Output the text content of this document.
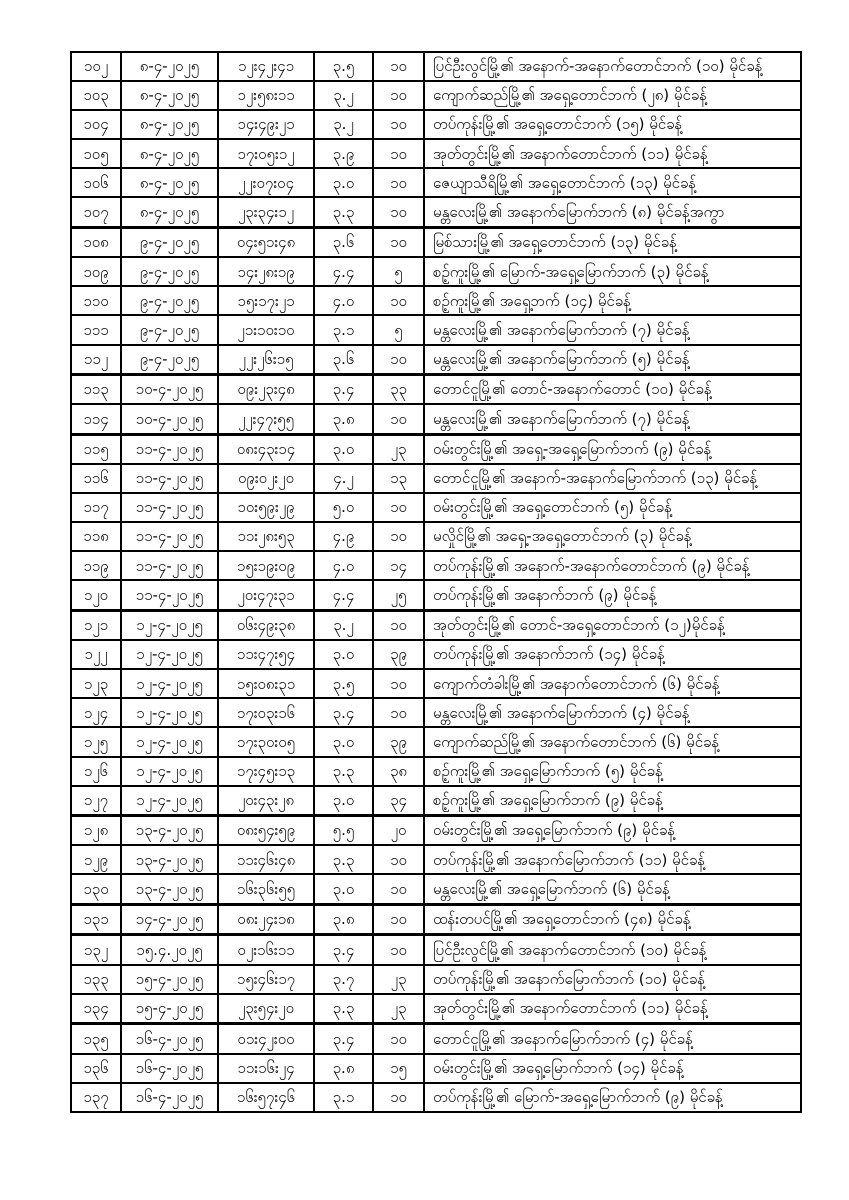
၁၀၂	၈-၄-၂၀၂၅	၁၂း၄၂း၄၁	၃.၅	၁၀	ပြင်ဦးလွင်မြို့၏ အနောက်-အနောက်တောင်ဘက် (၁၀) မိုင်ခန့်
၁၀၃	၈-၄-၂၀၂၅	၁၂း၅၈း၁၁	၃.၂	၁၀	ကျောက်ဆည်မြို့၏ အရှေ့တောင်ဘက် (၂၈) မိုင်ခန့်
၁၀၄	၈-၄-၂၀၂၅	၁၄း၄၉း၂၁	၃.၂	၁၀	တပ်ကုန်းမြို့၏ အရှေ့တောင်ဘက် (၁၅) မိုင်ခန့်
၁၀၅	၈-၄-၂၀၂၅	၁၇း၀၅း၁၂	၃.၉	၁၀	အုတ်တွင်းမြို့၏ အနောက်တောင်ဘက် (၁၁) မိုင်ခန့်
၁၀၆	၈-၄-၂၀၂၅	၂၂း၀၇း၀၄	၃.၀	၁၀	ဇေယျာသီရိမြို့၏ အရှေ့တောင်ဘက် (၁၃) မိုင်ခန့်
၁၀၇	၈-၄-၂၀၂၅	၂၃း၃၄း၁၂	၃.၃	၁၀	မန္တလေးမြို့၏ အနောက်မြောက်ဘက် (၈) မိုင်ခန့်အကွာ
၁၀၈	၉-၄-၂၀၂၅	၀၄း၅၁း၄၈	၃.၆	၁၀	မြစ်သားမြို့၏ အရှေ့တောင်ဘက် (၁၃) မိုင်ခန့်
၁၀၉	၉-၄-၂၀၂၅	၁၄း၂၈း၁၉	၄.၄	၅	စဥ့်ကူးမြို့၏ မြောက်-အရှေ့မြောက်ဘက် (၃) မိုင်ခန့်
၁၁၀	၉-၄-၂၀၂၅	၁၅း၁၇း၂၁	၄.၀	၁၀	စဥ့်ကူးမြို့၏ အရှေ့ဘက် (၁၄) မိုင်ခန့်
၁၁၁	၉-၄-၂၀၂၅	၂၁း၁၀း၁၀	၃.၁	၅	မန္တလေးမြို့၏ အနောက်မြောက်ဘက် (၇) မိုင်ခန့်
၁၁၂	၉-၄-၂၀၂၅	၂၂း၂၆း၁၅	၃.၆	၁၀	မန္တလေးမြို့၏ အနောက်မြောက်ဘက် (၅) မိုင်ခန့်
၁၁၃	၁၀-၄-၂၀၂၅	၀၉း၂၃း၄၈	၃.၄	၃၃	တောင်ငူမြို့၏ တောင်-အနောက်တောင် (၁၀) မိုင်ခန့်
၁၁၄	၁၀-၄-၂၀၂၅	၂၂း၄၇း၅၅	၃.၈	၁၀	မန္တလေးမြို့၏ အနောက်မြောက်ဘက် (၇) မိုင်ခန့်
၁၁၅	၁၁-၄-၂၀၂၅	၀၈း၄၃း၁၄	၃.၀	၂၃	ဝမ်းတွင်းမြို့၏ အရှေ့-အရှေ့မြောက်ဘက် (၉) မိုင်ခန့်
၁၁၆	၁၁-၄-၂၀၂၅	၀၉း၀၂း၂၀	၄.၂	၁၃	တောင်ငူမြို့၏ အနောက်-အနောက်မြောက်ဘက် (၁၃) မိုင်ခန့်
၁၁၇	၁၁-၄-၂၀၂၅	၁၀း၅၉း၂၉	၅.၀	၁၀	ဝမ်းတွင်းမြို့၏ အရှေ့တောင်ဘက် (၅) မိုင်ခန့်
၁၁၈	၁၁-၄-၂၀၂၅	၁၁း၂၈း၅၃	၄.၉	၁၀	မလှိုင်မြို့၏ အရှေ့-အရှေ့တောင်ဘက် (၃) မိုင်ခန့်
၁၁၉	၁၁-၄-၂၀၂၅	၁၅း၁၉း၀၉	၄.၀	၁၄	တပ်ကုန်းမြို့၏ အနောက်-အနောက်တောင်ဘက် (၉) မိုင်ခန့်
၁၂၀	၁၁-၄-၂၀၂၅	၂၀း၄၇း၃၁	၄.၄	၂၅	တပ်ကုန်းမြို့၏ အနောက်ဘက် (၉) မိုင်ခန့်
၁၂၁	၁၂-၄-၂၀၂၅	၀၆း၄၉း၃၈	၃.၂	၁၀	အုတ်တွင်းမြို့၏ တောင်-အရှေ့တောင်ဘက် (၁၂)မိုင်ခန့်
၁၂၂	၁၂-၄-၂၀၂၅	၁၁း၄၇း၅၄	၃.၀	၃၉	တပ်ကုန်းမြို့၏ အနောက်ဘက် (၁၄) မိုင်ခန့်
၁၂၃	၁၂-၄-၂၀၂၅	၁၅း၀၈း၃၁	၃.၅	၁၀	ကျောက်တံခါးမြို့၏ အနောက်တောင်ဘက် (၆) မိုင်ခန့်
၁၂၄	၁၂-၄-၂၀၂၅	၁၇း၀၃း၁၆	၃.၄	၁၀	မန္တလေးမြို့၏ အနောက်မြောက်ဘက် (၄) မိုင်ခန့်
၁၂၅	၁၂-၄-၂၀၂၅	၁၇း၃၀း၀၅	၃.၀	၃၉	ကျောက်ဆည်မြို့၏ အနောက်တောင်ဘက် (၆) မိုင်ခန့်
၁၂၆	၁၂-၄-၂၀၂၅	၁၇း၄၅း၁၃	၃.၃	၃၈	စဥ့်ကူးမြို့၏ အရှေ့မြောက်ဘက် (၅) မိုင်ခန့်
၁၂၇	၁၂-၄-၂၀၂၅	၂၀း၄၃း၂၈	၃.၀	၃၄	စဥ့်ကူးမြို့၏ အရှေ့မြောက်ဘက် (၉) မိုင်ခန့်
၁၂၈	၁၃-၄-၂၀၂၅	၀၈း၅၄း၅၉	၅.၅	၂၀	ဝမ်းတွင်းမြို့၏ အရှေ့မြောက်ဘက် (၉) မိုင်ခန့်
၁၂၉	၁၃-၄-၂၀၂၅	၁၁း၄၆း၄၈	၃.၃	၁၀	တပ်ကုန်းမြို့၏ အနောက်မြောက်ဘက် (၁၁) မိုင်ခန့်
၁၃၀	၁၃-၄-၂၀၂၅	၁၆း၃၆း၅၅	၃.၀	၁၀	မန္တလေးမြို့၏ အရှေ့မြောက်ဘက် (၆) မိုင်ခန့်
၁၃၁	၁၄-၄-၂၀၂၅	၀၈း၂၄း၁၈	၃.၈	၁၀	ထန်းတပင်မြို့၏ အရှေ့တောင်ဘက် (၄၈) မိုင်ခန့်
၁၃၂	၁၅.၄.၂၀၂၅	၀၂း၁၆း၁၁	၃.၄	၁၀	ပြင်ဦးလွင်မြို့၏ အနောက်တောင်ဘက် (၁၀) မိုင်ခန့်
၁၃၃	၁၅-၄-၂၀၂၅	၁၅း၄၆း၁၇	၃.၇	၂၃	တပ်ကုန်းမြို့၏ အနောက်မြောက်ဘက် (၁၀) မိုင်ခန့်
၁၃၄	၁၅-၄-၂၀၂၅	၂၃း၅၄း၂၀	၃.၃	၂၃	အုတ်တွင်းမြို့၏ အနောက်တောင်ဘက် (၁၁) မိုင်ခန့်
၁၃၅	၁၆-၄-၂၀၂၅	၀၁း၄၂း၀၀	၃.၄	၁၀	တောင်ငူမြို့၏ အနောက်မြောက်ဘက် (၄) မိုင်ခန့်
၁၃၆	၁၆-၄-၂၀၂၅	၁၁း၁၆း၂၄	၃.၈	၁၅	ဝမ်းတွင်းမြို့၏ အရှေ့မြောက်ဘက် (၁၄) မိုင်ခန့်
၁၃၇	၁၆-၄-၂၀၂၅	၁၆း၅၇း၄၆	၃.၁	၁၀	တပ်ကုန်းမြို့၏ မြောက်-အရှေ့မြောက်ဘက် (၉) မိုင်ခန့်
